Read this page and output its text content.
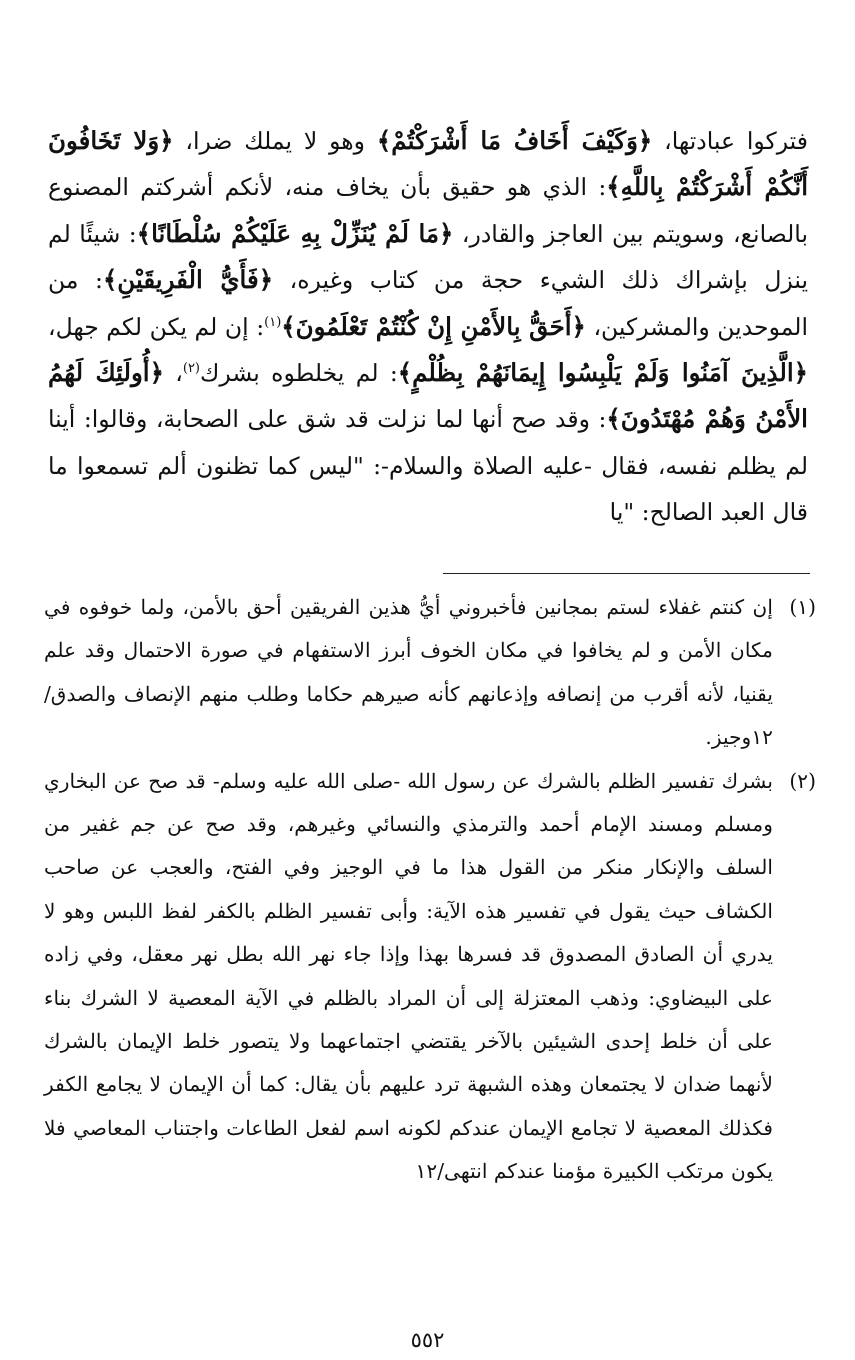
فتركوا عبادتها، ﴿وَكَيْفَ أَخَافُ مَا أَشْرَكْتُمْ﴾ وهو لا يملك ضرا، ﴿وَلا تَخَافُونَ أَنَّكُمْ أَشْرَكْتُمْ بِاللَّهِ﴾: الذي هو حقيق بأن يخاف منه، لأنكم أشركتم المصنوع بالصانع، وسويتم بين العاجز والقادر، ﴿مَا لَمْ يُنَزِّلْ بِهِ عَلَيْكُمْ سُلْطَانًا﴾: شيئًا لم ينزل بإشراك ذلك الشيء حجة من كتاب وغيره، ﴿فَأَيُّ الْفَرِيقَيْنِ﴾: من الموحدين والمشركين، ﴿أَحَقُّ بِالأَمْنِ إِنْ كُنْتُمْ تَعْلَمُونَ﴾$^{(١)}$: إن لم يكن لكم جهل، ﴿الَّذِينَ آمَنُوا وَلَمْ يَلْبِسُوا إِيمَانَهُمْ بِظُلْمٍ﴾: لم يخلطوه بشرك$^{(٢)}$، ﴿أُولَئِكَ لَهُمُ الأَمْنُ وَهُمْ مُهْتَدُونَ﴾: وقد صح أنها لما نزلت قد شق على الصحابة، وقالوا: أينا لم يظلم نفسه، فقال -عليه الصلاة والسلام-: "ليس كما تظنون ألم تسمعوا ما قال العبد الصالح: "يا
(١)
إن كنتم غفلاء لستم بمجانين فأخبروني أيُّ هذين الفريقين أحق بالأمن، ولما خوفوه في مكان الأمن و لم يخافوا في مكان الخوف أبرز الاستفهام في صورة الاحتمال وقد علم يقنيا، لأنه أقرب من إنصافه وإذعانهم كأنه صيرهم حكاما وطلب منهم الإنصاف والصدق/١٢وجيز.
(٢)
بشرك تفسير الظلم بالشرك عن رسول الله -صلى الله عليه وسلم- قد صح عن البخاري ومسلم ومسند الإمام أحمد والترمذي والنسائي وغيرهم، وقد صح عن جم غفير من السلف والإنكار منكر من القول هذا ما في الوجيز وفي الفتح، والعجب عن صاحب الكشاف حيث يقول في تفسير هذه الآية: وأبى تفسير الظلم بالكفر لفظ اللبس وهو لا يدري أن الصادق المصدوق قد فسرها بهذا وإذا جاء نهر الله بطل نهر معقل، وفي زاده على البيضاوي: وذهب المعتزلة إلى أن المراد بالظلم في الآية المعصية لا الشرك بناء على أن خلط إحدى الشيئين بالآخر يقتضي اجتماعهما ولا يتصور خلط الإيمان بالشرك لأنهما ضدان لا يجتمعان وهذه الشبهة ترد عليهم بأن يقال: كما أن الإيمان لا يجامع الكفر فكذلك المعصية لا تجامع الإيمان عندكم لكونه اسم لفعل الطاعات واجتناب المعاصي فلا يكون مرتكب الكبيرة مؤمنا عندكم انتهى/١٢
٥٥٢
